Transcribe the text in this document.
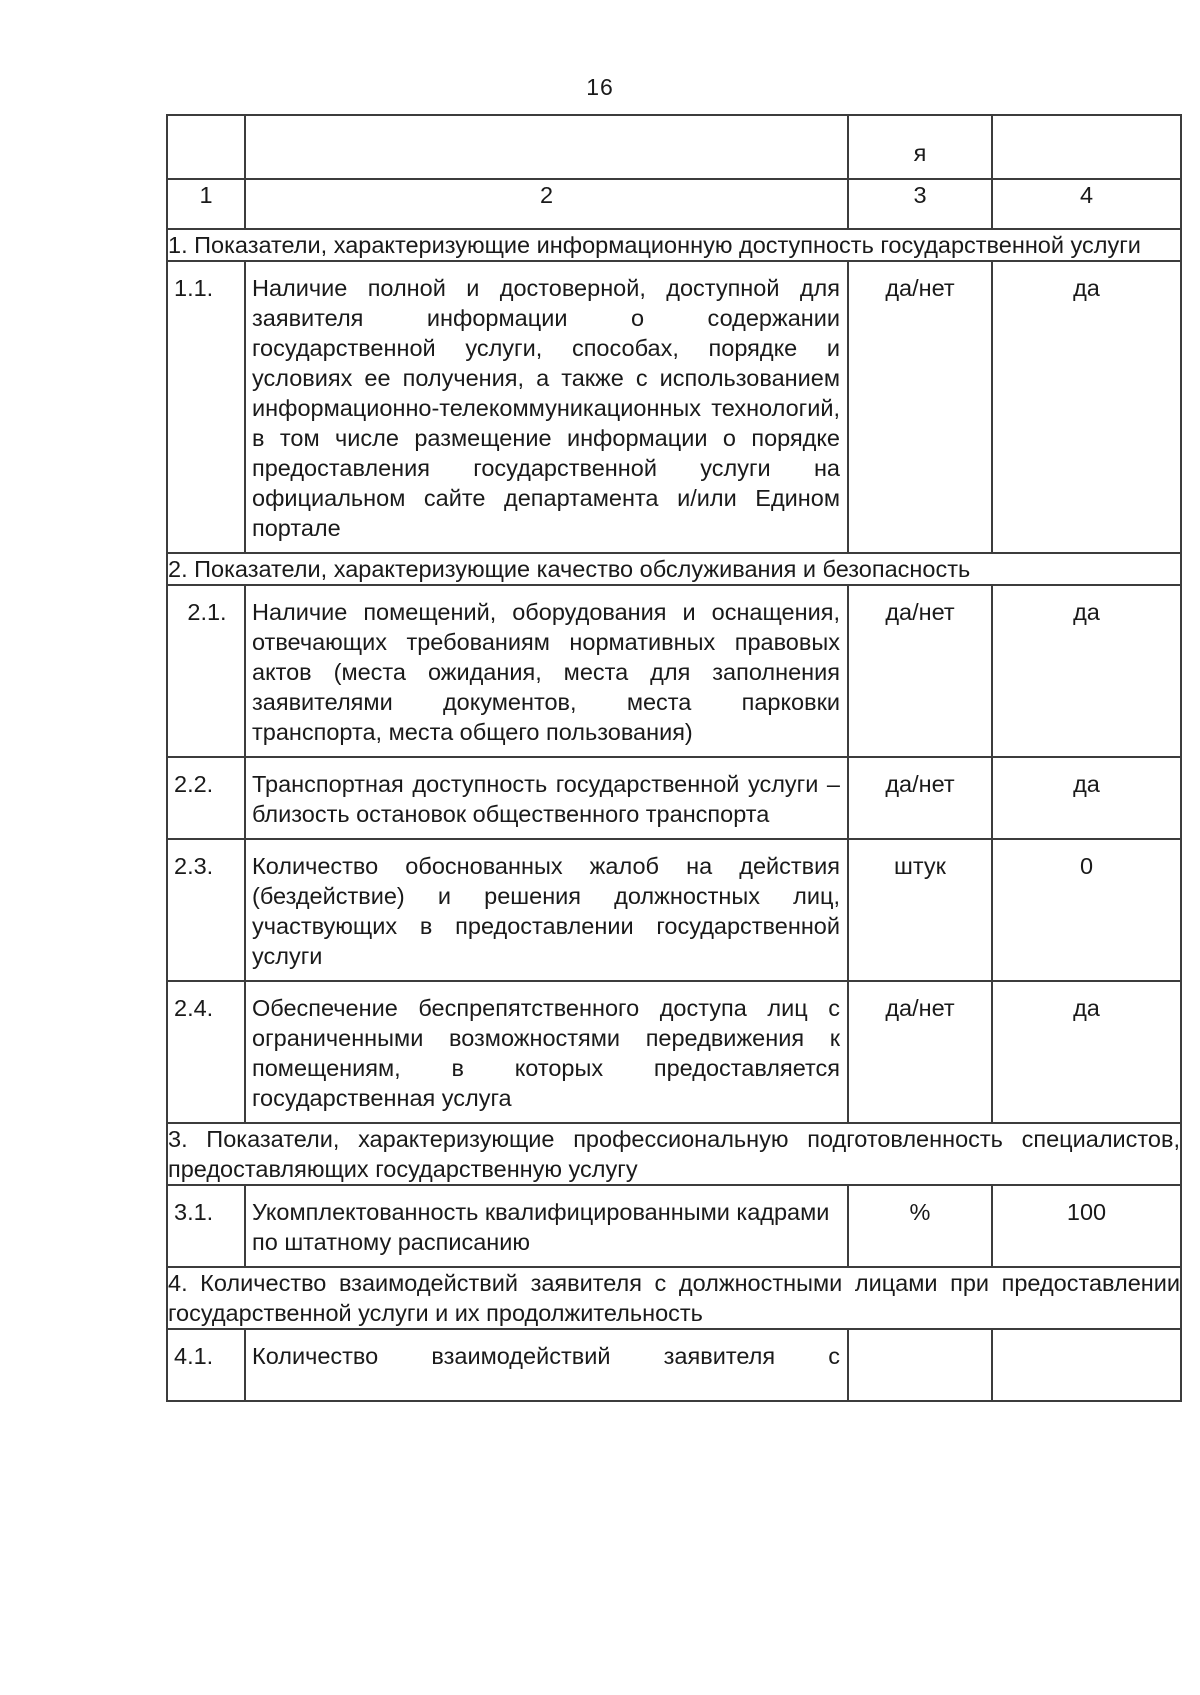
16
		я	
1	2	3	4
1. Показатели, характеризующие информационную доступность государственной услуги			
1.1.	Наличие полной и достоверной, доступной для заявителя информации о содержании государственной услуги, способах, порядке и условиях ее получения, а также с использованием информационно-телекоммуникационных технологий, в том числе размещение информации о порядке предоставления государственной услуги на официальном сайте департамента и/или Едином портале	да/нет	да
2. Показатели, характеризующие качество обслуживания и безопасность			
2.1.	Наличие помещений, оборудования и оснащения, отвечающих требованиям нормативных правовых актов (места ожидания, места для заполнения заявителями документов, места парковки транспорта, места общего пользования)	да/нет	да
2.2.	Транспортная доступность государственной услуги – близость остановок общественного транспорта	да/нет	да
2.3.	Количество обоснованных жалоб на действия (бездействие) и решения должностных лиц, участвующих в предоставлении государственной услуги	штук	0
2.4.	Обеспечение беспрепятственного доступа лиц с ограниченными возможностями передвижения к помещениям, в которых предоставляется государственная услуга	да/нет	да
3. Показатели, характеризующие профессиональную подготовленность специалистов, предоставляющих государственную услугу			
3.1.	Укомплектованность квалифицированными кадрами по штатному расписанию	%	100
4. Количество взаимодействий заявителя с должностными лицами при предоставлении государственной услуги и их продолжительность			
4.1.	Количество взаимодействий заявителя с		
